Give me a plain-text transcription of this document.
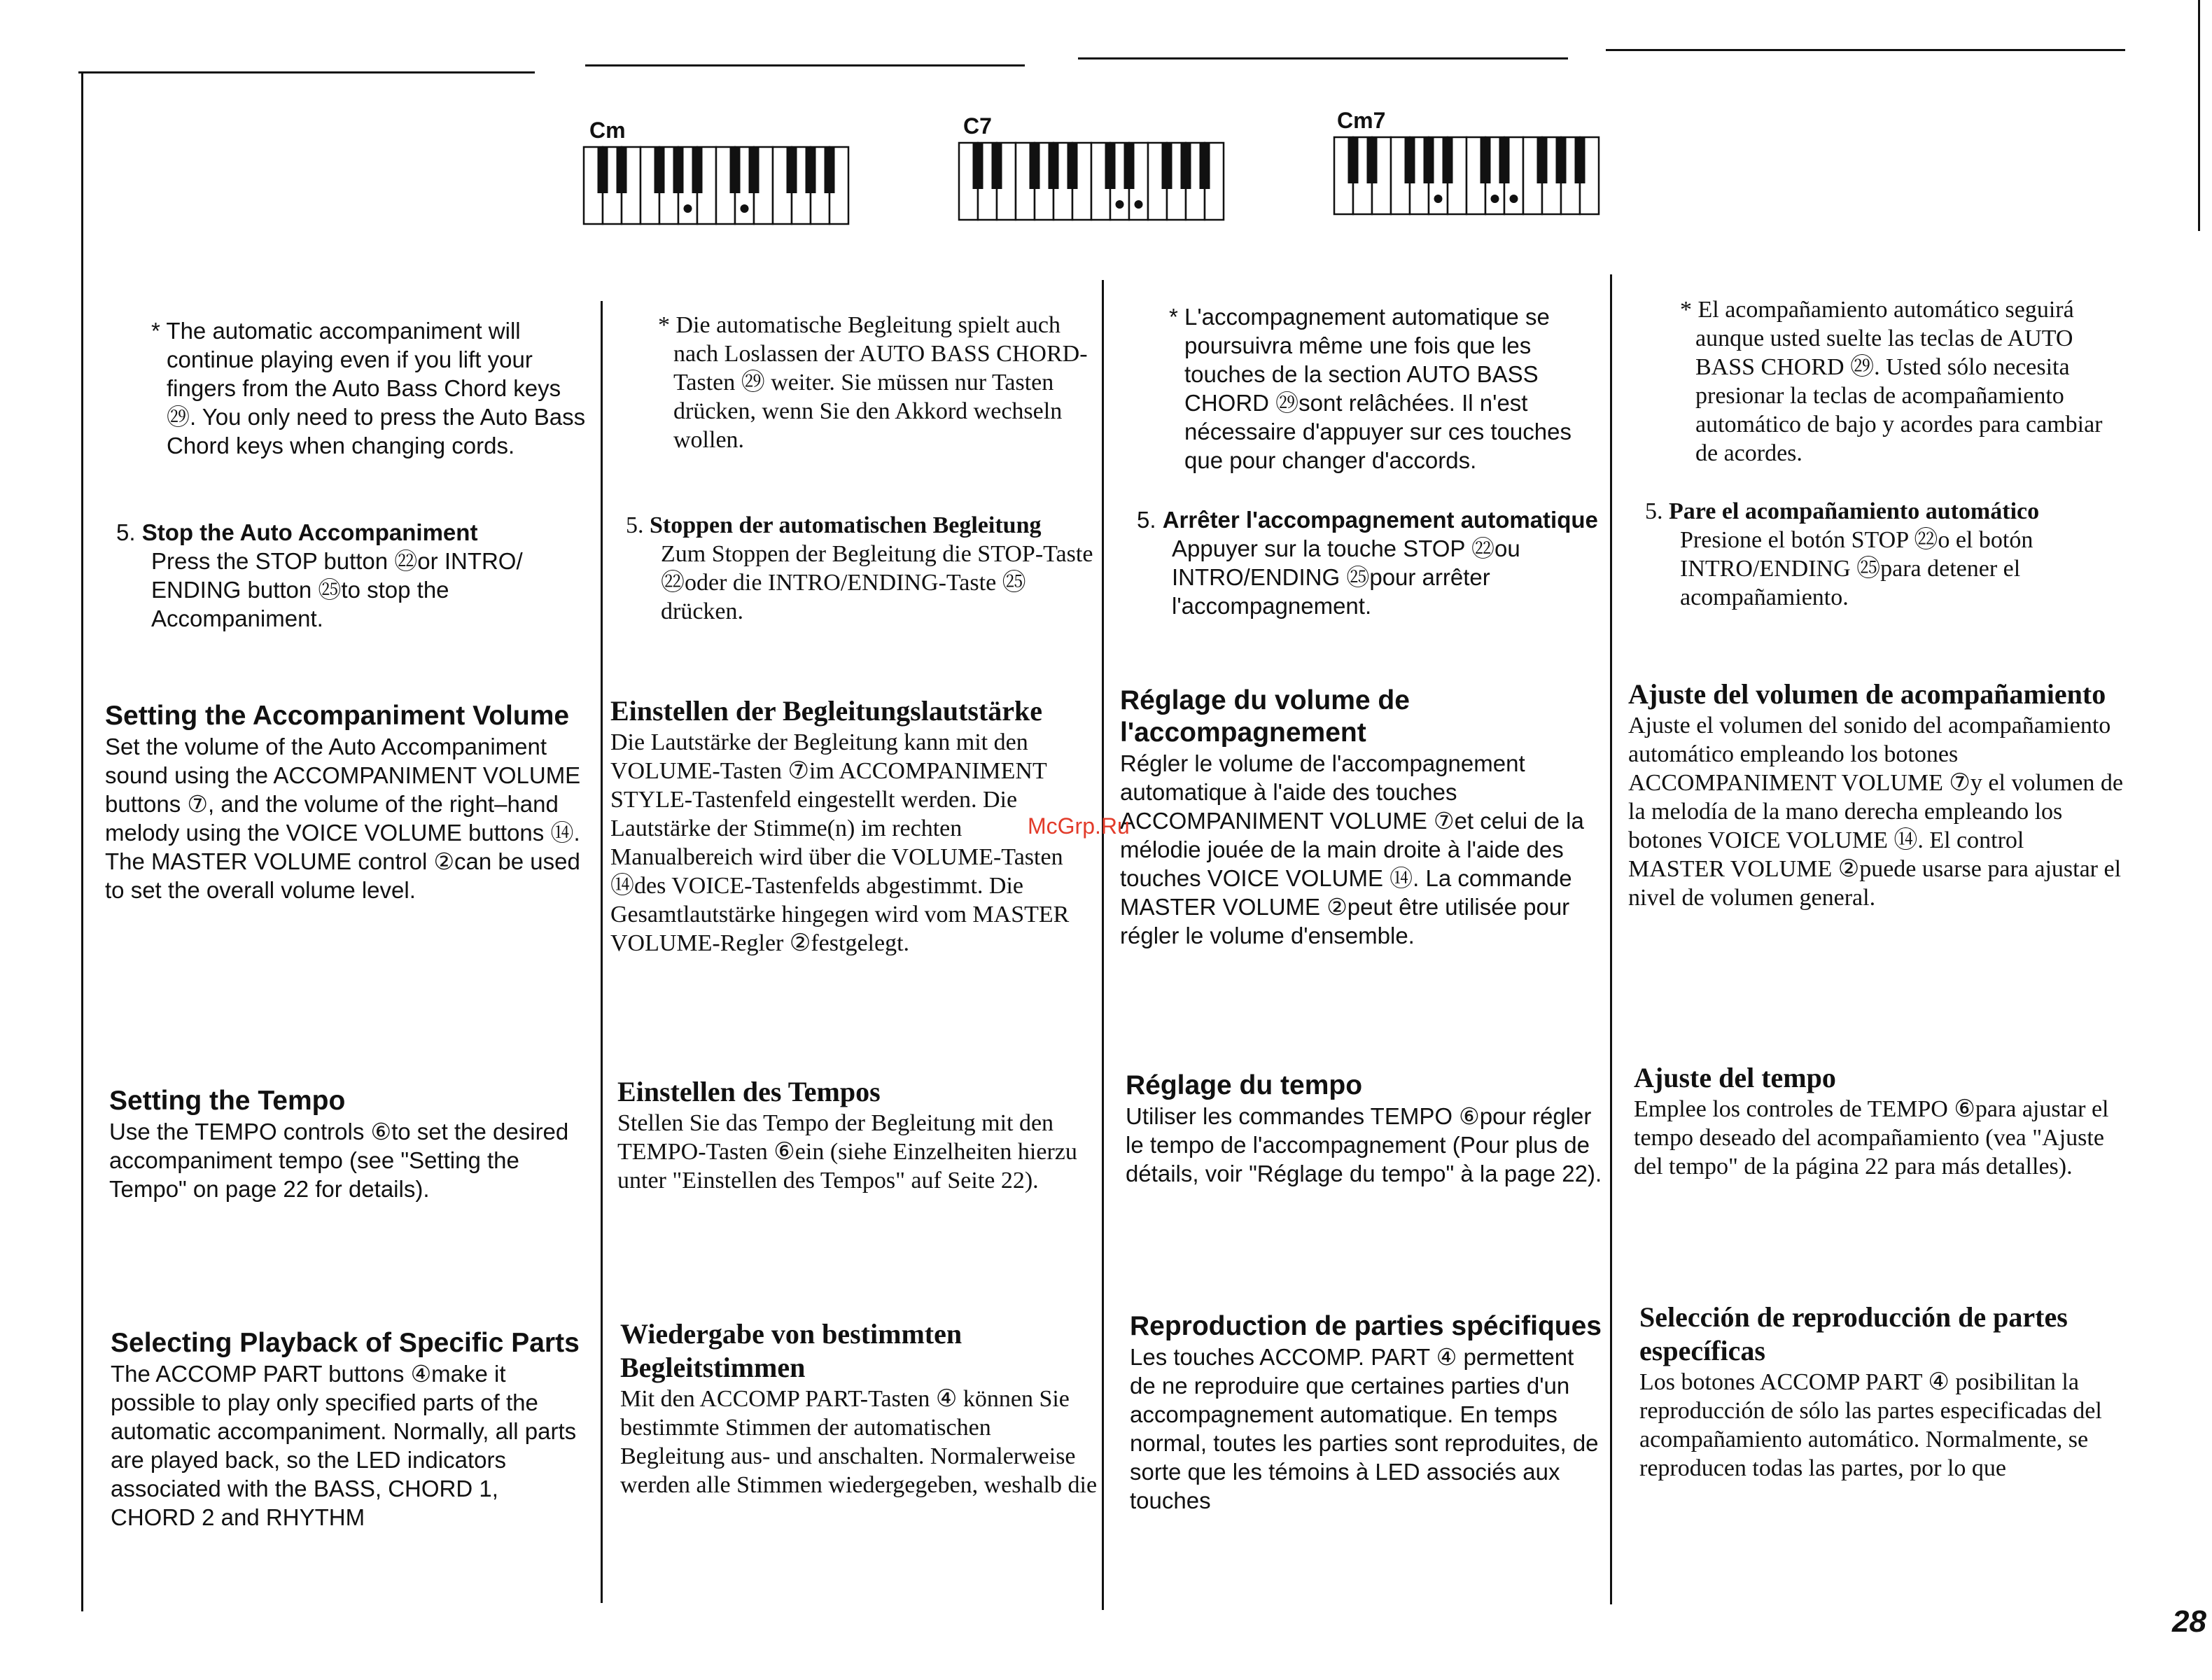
Cm	C7	Cm7
* The automatic accompaniment will continue playing even if you lift your fingers from the Auto Bass Chord keys ㉙. You only need to press the Auto Bass Chord keys when changing cords.
5. Stop the Auto Accompaniment
Press the STOP button ㉒or INTRO/ ENDING button ㉕to stop the Accompaniment.
Setting the Accompaniment Volume
Set the volume of the Auto Accompaniment sound using the ACCOMPANIMENT VOLUME buttons ⑦, and the volume of the right–hand melody using the VOICE VOLUME buttons ⑭. The MASTER VOLUME control ②can be used to set the overall volume level.
Setting the Tempo
Use the TEMPO controls ⑥to set the desired accompaniment tempo (see "Setting the Tempo" on page 22 for details).
Selecting Playback of Specific Parts
The ACCOMP PART buttons ④make it possible to play only specified parts of the automatic accompaniment. Normally, all parts are played back, so the LED indicators associated with the BASS, CHORD 1, CHORD 2 and RHYTHM
* Die automatische Begleitung spielt auch nach Loslassen der AUTO BASS CHORD-Tasten ㉙ weiter. Sie müssen nur Tasten drücken, wenn Sie den Akkord wechseln wollen.
5. Stoppen der automatischen Begleitung
Zum Stoppen der Begleitung die STOP-Taste ㉒oder die INTRO/ENDING-Taste ㉕drücken.
Einstellen der Begleitungslautstärke
Die Lautstärke der Begleitung kann mit den VOLUME-Tasten ⑦im ACCOMPANIMENT STYLE-Tastenfeld eingestellt werden. Die Lautstärke der Stimme(n) im rechten Manualbereich wird über die VOLUME-Tasten ⑭des VOICE-Tastenfelds abgestimmt. Die Gesamtlautstärke hingegen wird vom MASTER VOLUME-Regler ②festgelegt.
Einstellen des Tempos
Stellen Sie das Tempo der Begleitung mit den TEMPO-Tasten ⑥ein (siehe Einzelheiten hierzu unter "Einstellen des Tempos" auf Seite 22).
Wiedergabe von bestimmten Begleitstimmen
Mit den ACCOMP PART-Tasten ④ können Sie bestimmte Stimmen der automatischen Begleitung aus- und anschalten. Normalerweise werden alle Stimmen wiedergegeben, weshalb die
* L'accompagnement automatique se poursuivra même une fois que les touches de la section AUTO BASS CHORD ㉙sont relâchées. Il n'est nécessaire d'appuyer sur ces touches que pour changer d'accords.
5. Arrêter l'accompagnement automatique
Appuyer sur la touche STOP ㉒ou INTRO/ENDING ㉕pour arrêter l'accompagnement.
Réglage du volume de l'accompagnement
Régler le volume de l'accompagnement automatique à l'aide des touches ACCOMPANIMENT VOLUME ⑦et celui de la mélodie jouée de la main droite à l'aide des touches VOICE VOLUME ⑭. La commande MASTER VOLUME ②peut être utilisée pour régler le volume d'ensemble.
Réglage du tempo
Utiliser les commandes TEMPO ⑥pour régler le tempo de l'accompagnement (Pour plus de détails, voir "Réglage du tempo" à la page 22).
Reproduction de parties spécifiques
Les touches ACCOMP. PART ④ permettent de ne reproduire que certaines parties d'un accompagnement automatique. En temps normal, toutes les parties sont reproduites, de sorte que les témoins à LED associés aux touches
* El acompañamiento automático seguirá aunque usted suelte las teclas de AUTO BASS CHORD ㉙. Usted sólo necesita presionar la teclas de acompañamiento automático de bajo y acordes para cambiar de acordes.
5. Pare el acompañamiento automático
Presione el botón STOP ㉒o el botón INTRO/ENDING ㉕para detener el acompañamiento.
Ajuste del volumen de acompañamiento
Ajuste el volumen del sonido del acompañamiento automático empleando los botones ACCOMPANIMENT VOLUME ⑦y el volumen de la melodía de la mano derecha empleando los botones VOICE VOLUME ⑭. El control MASTER VOLUME ②puede usarse para ajustar el nivel de volumen general.
Ajuste del tempo
Emplee los controles de TEMPO ⑥para ajustar el tempo deseado del acompañamiento (vea "Ajuste del tempo" de la página 22 para más detalles).
Selección de reproducción de partes específicas
Los botones ACCOMP PART ④ posibilitan la reproducción de sólo las partes especificadas del acompañamiento automático. Normalmente, se reproducen todas las partes, por lo que
McGrp.Ru
28
